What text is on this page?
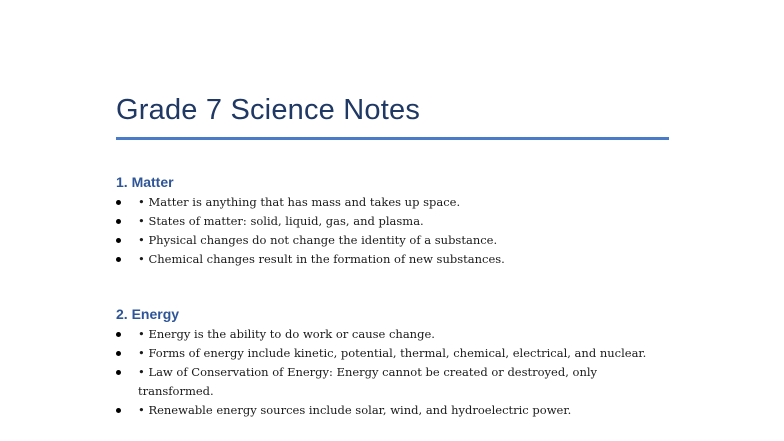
Grade 7 Science Notes
1. Matter
• Matter is anything that has mass and takes up space.
• States of matter: solid, liquid, gas, and plasma.
• Physical changes do not change the identity of a substance.
• Chemical changes result in the formation of new substances.
2. Energy
• Energy is the ability to do work or cause change.
• Forms of energy include kinetic, potential, thermal, chemical, electrical, and nuclear.
• Law of Conservation of Energy: Energy cannot be created or destroyed, only transformed.
• Renewable energy sources include solar, wind, and hydroelectric power.
